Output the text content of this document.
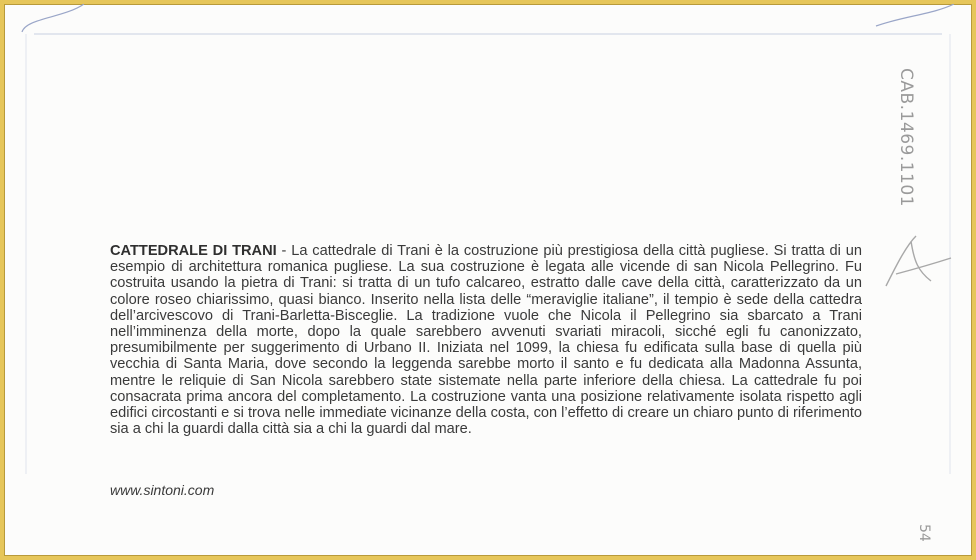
CATTEDRALE DI TRANI - La cattedrale di Trani è la costruzione più prestigiosa della città pugliese. Si tratta di un esempio di architettura romanica pugliese. La sua costruzione è legata alle vicende di san Nicola Pellegrino. Fu costruita usando la pietra di Trani: si tratta di un tufo calcareo, estratto dalle cave della città, caratterizzato da un colore roseo chiarissimo, quasi bianco. Inserito nella lista delle “meraviglie italiane”, il tempio è sede della cattedra dell’arcivescovo di Trani-Barletta-Bisceglie. La tradizione vuole che Nicola il Pellegrino sia sbarcato a Trani nell’imminenza della morte, dopo la quale sarebbero avvenuti svariati miracoli, sicché egli fu canonizzato, presumibilmente per suggerimento di Urbano II. Iniziata nel 1099, la chiesa fu edificata sulla base di quella più vecchia di Santa Maria, dove secondo la leggenda sarebbe morto il santo e fu dedicata alla Madonna Assunta, mentre le reliquie di San Nicola sarebbero state sistemate nella parte inferiore della chiesa. La cattedrale fu poi consacrata prima ancora del completamento. La costruzione vanta una posizione relativamente isolata rispetto agli edifici circostanti e si trova nelle immediate vicinanze della costa, con l’effetto di creare un chiaro punto di riferimento sia a chi la guardi dalla città sia a chi la guardi dal mare.
www.sintoni.com
CAB.1469.1101
54
